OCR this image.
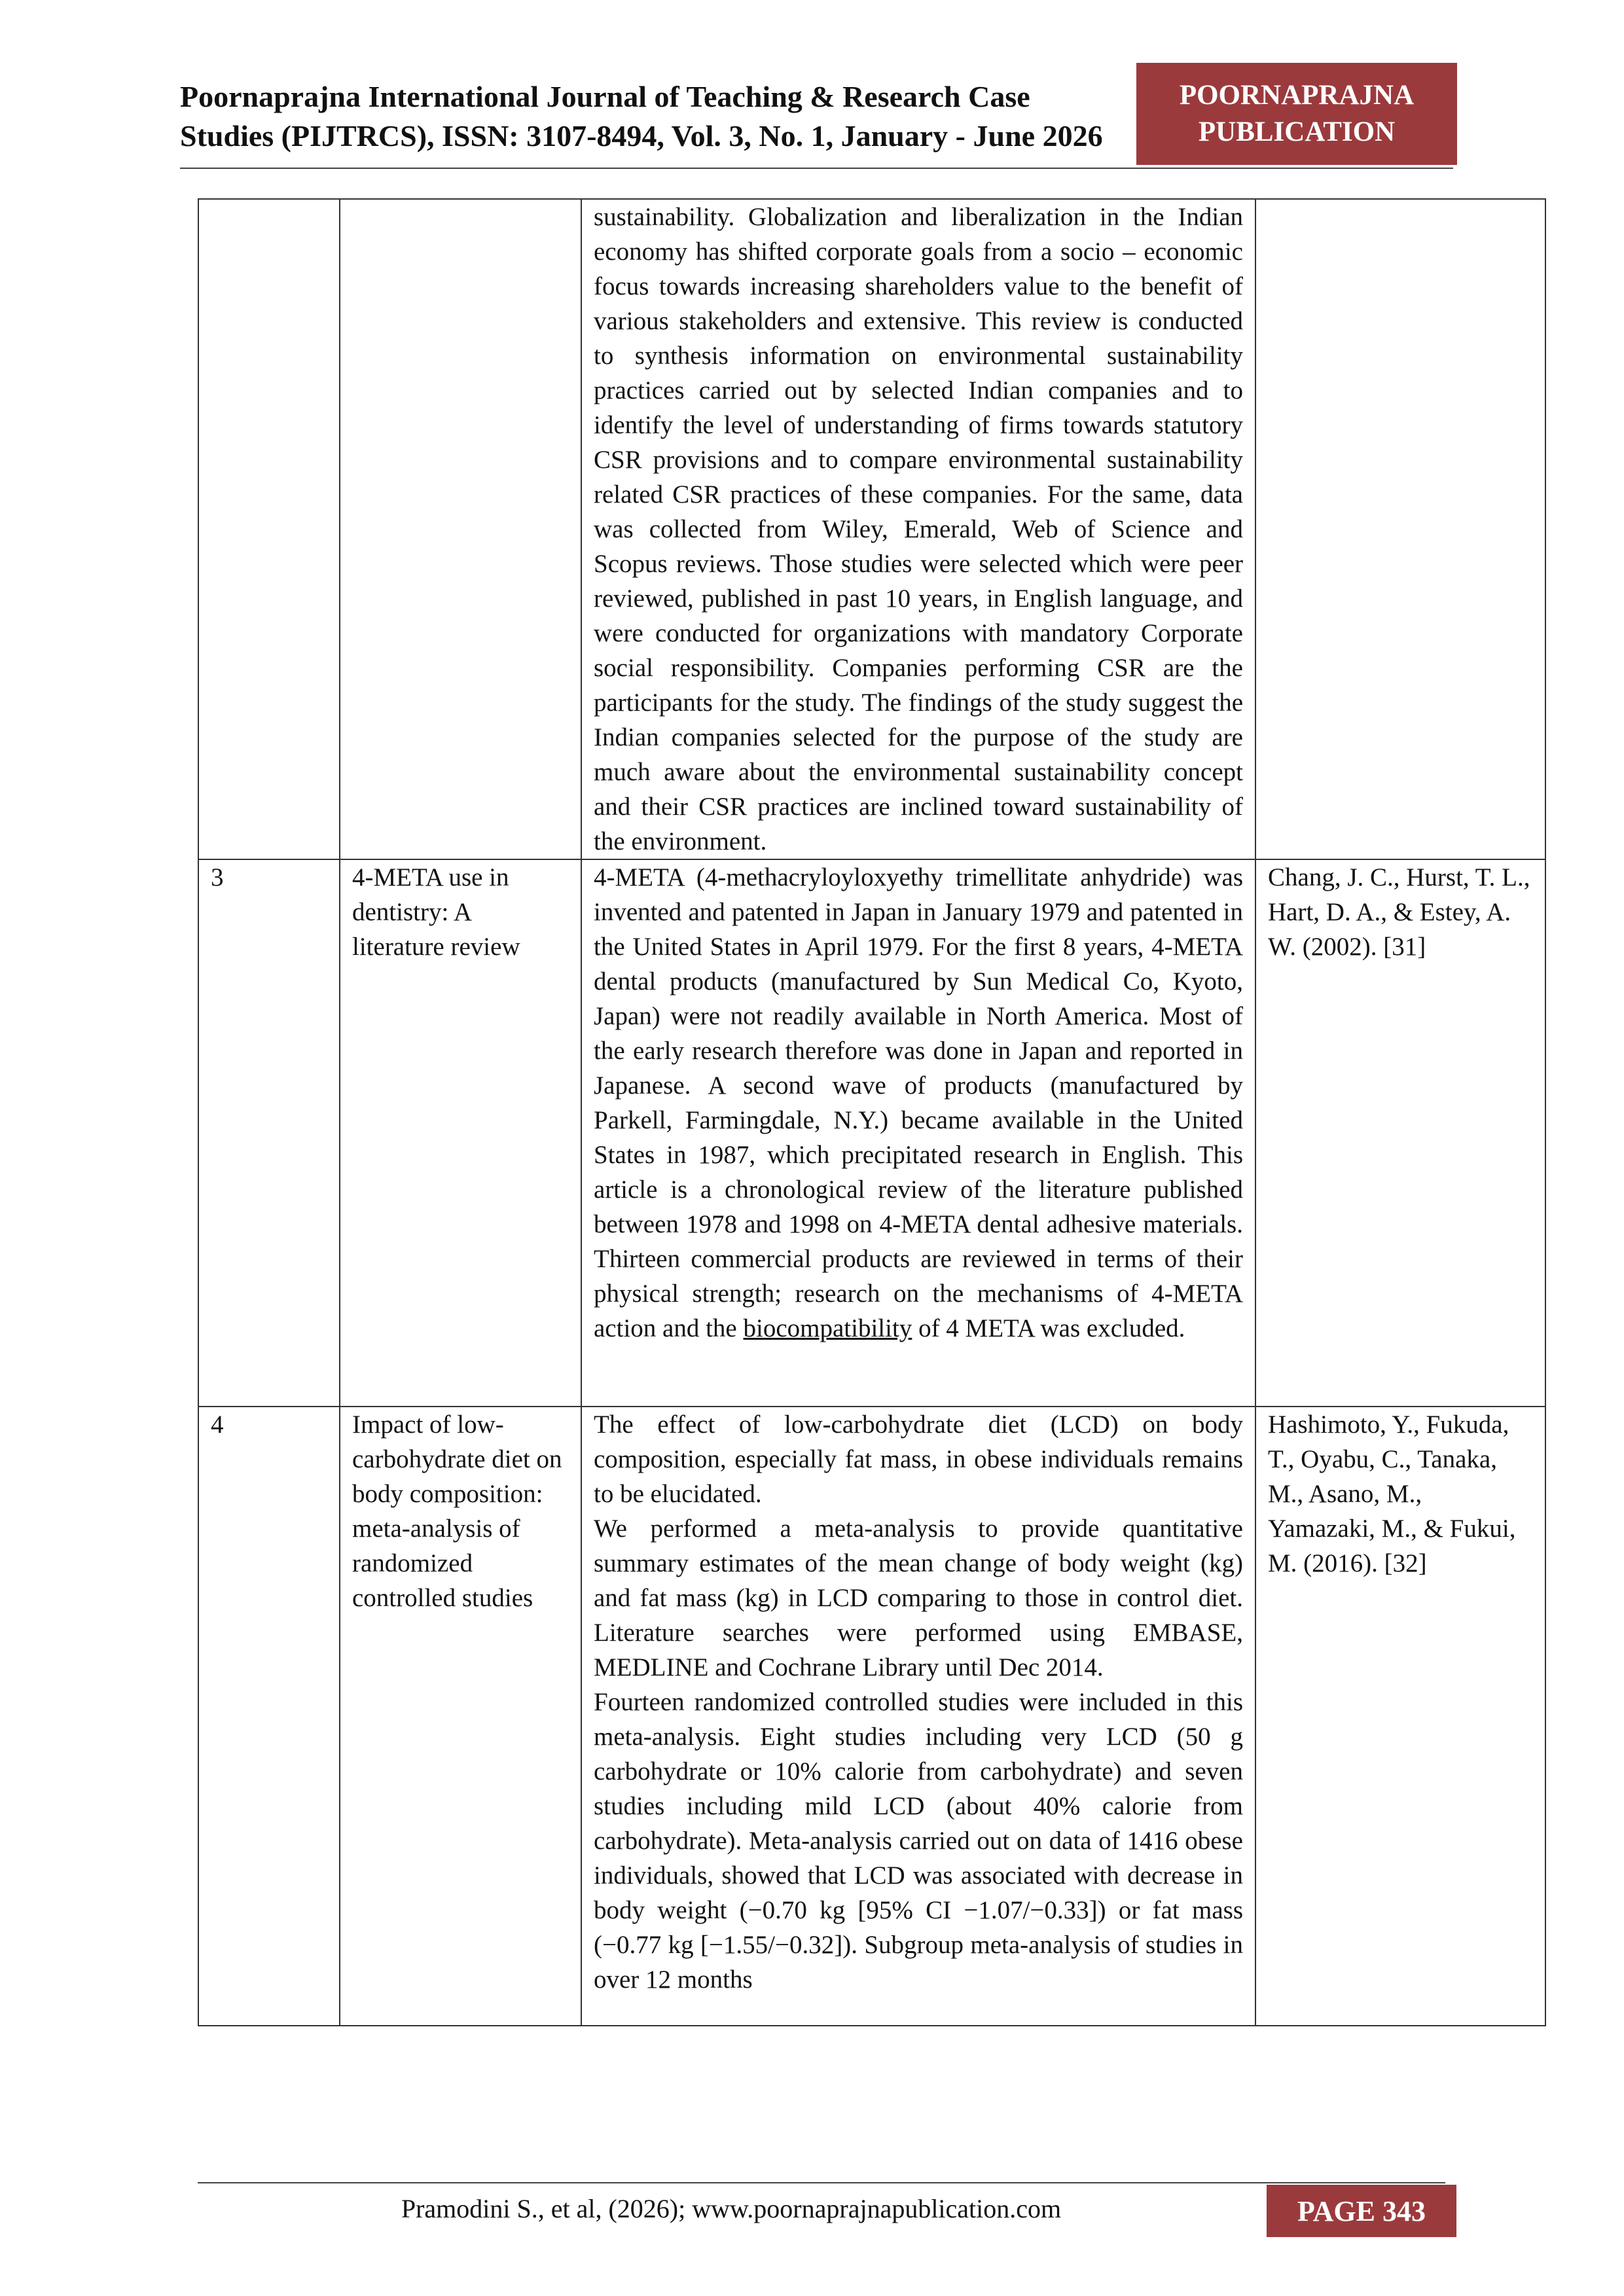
Poornaprajna International Journal of Teaching & Research Case
Studies (PIJTRCS), ISSN: 3107-8494, Vol. 3, No. 1, January - June 2026
POORNAPRAJNA
PUBLICATION

		sustainability. Globalization and liberalization in the Indian economy has shifted corporate goals from a socio – economic focus towards increasing shareholders value to the benefit of various stakeholders and extensive. This review is conducted to synthesis information on environmental sustainability practices carried out by selected Indian companies and to identify the level of understanding of firms towards statutory CSR provisions and to compare environmental sustainability related CSR practices of these companies. For the same, data was collected from Wiley, Emerald, Web of Science and Scopus reviews. Those studies were selected which were peer reviewed, published in past 10 years, in English language, and were conducted for organizations with mandatory Corporate social responsibility. Companies performing CSR are the participants for the study. The findings of the study suggest the Indian companies selected for the purpose of the study are much aware about the environmental sustainability concept and their CSR practices are inclined toward sustainability of the environment.	

3	4-META use in dentistry: A literature review	4-META (4-methacryloyloxyethy trimellitate anhydride) was invented and patented in Japan in January 1979 and patented in the United States in April 1979. For the first 8 years, 4-META dental products (manufactured by Sun Medical Co, Kyoto, Japan) were not readily available in North America. Most of the early research therefore was done in Japan and reported in Japanese. A second wave of products (manufactured by Parkell, Farmingdale, N.Y.) became available in the United States in 1987, which precipitated research in English. This article is a chronological review of the literature published between 1978 and 1998 on 4-META dental adhesive materials. Thirteen commercial products are reviewed in terms of their physical strength; research on the mechanisms of 4-META action and the biocompatibility of 4 META was excluded.	Chang, J. C., Hurst, T. L., Hart, D. A., & Estey, A. W. (2002). [31]
4	Impact of low-carbohydrate diet on body composition: meta-analysis of randomized controlled studies	The effect of low-carbohydrate diet (LCD) on body composition, especially fat mass, in obese individuals remains to be elucidated.

We performed a meta-analysis to provide quantitative summary estimates of the mean change of body weight (kg) and fat mass (kg) in LCD comparing to those in control diet. Literature searches were performed using EMBASE, MEDLINE and Cochrane Library until Dec 2014.

Fourteen randomized controlled studies were included in this meta-analysis. Eight studies including very LCD (50 g carbohydrate or 10% calorie from carbohydrate) and seven studies including mild LCD (about 40% calorie from carbohydrate). Meta-analysis carried out on data of 1416 obese individuals, showed that LCD was associated with decrease in body weight (−0.70 kg [95% CI −1.07/−0.33]) or fat mass (−0.77 kg [−1.55/−0.32]). Subgroup meta-analysis of studies in over 12 months	Hashimoto, Y., Fukuda, T., Oyabu, C., Tanaka, M., Asano, M., Yamazaki, M., & Fukui, M. (2016). [32]
Pramodini S., et al, (2026); www.poornaprajnapublication.com	PAGE 343
